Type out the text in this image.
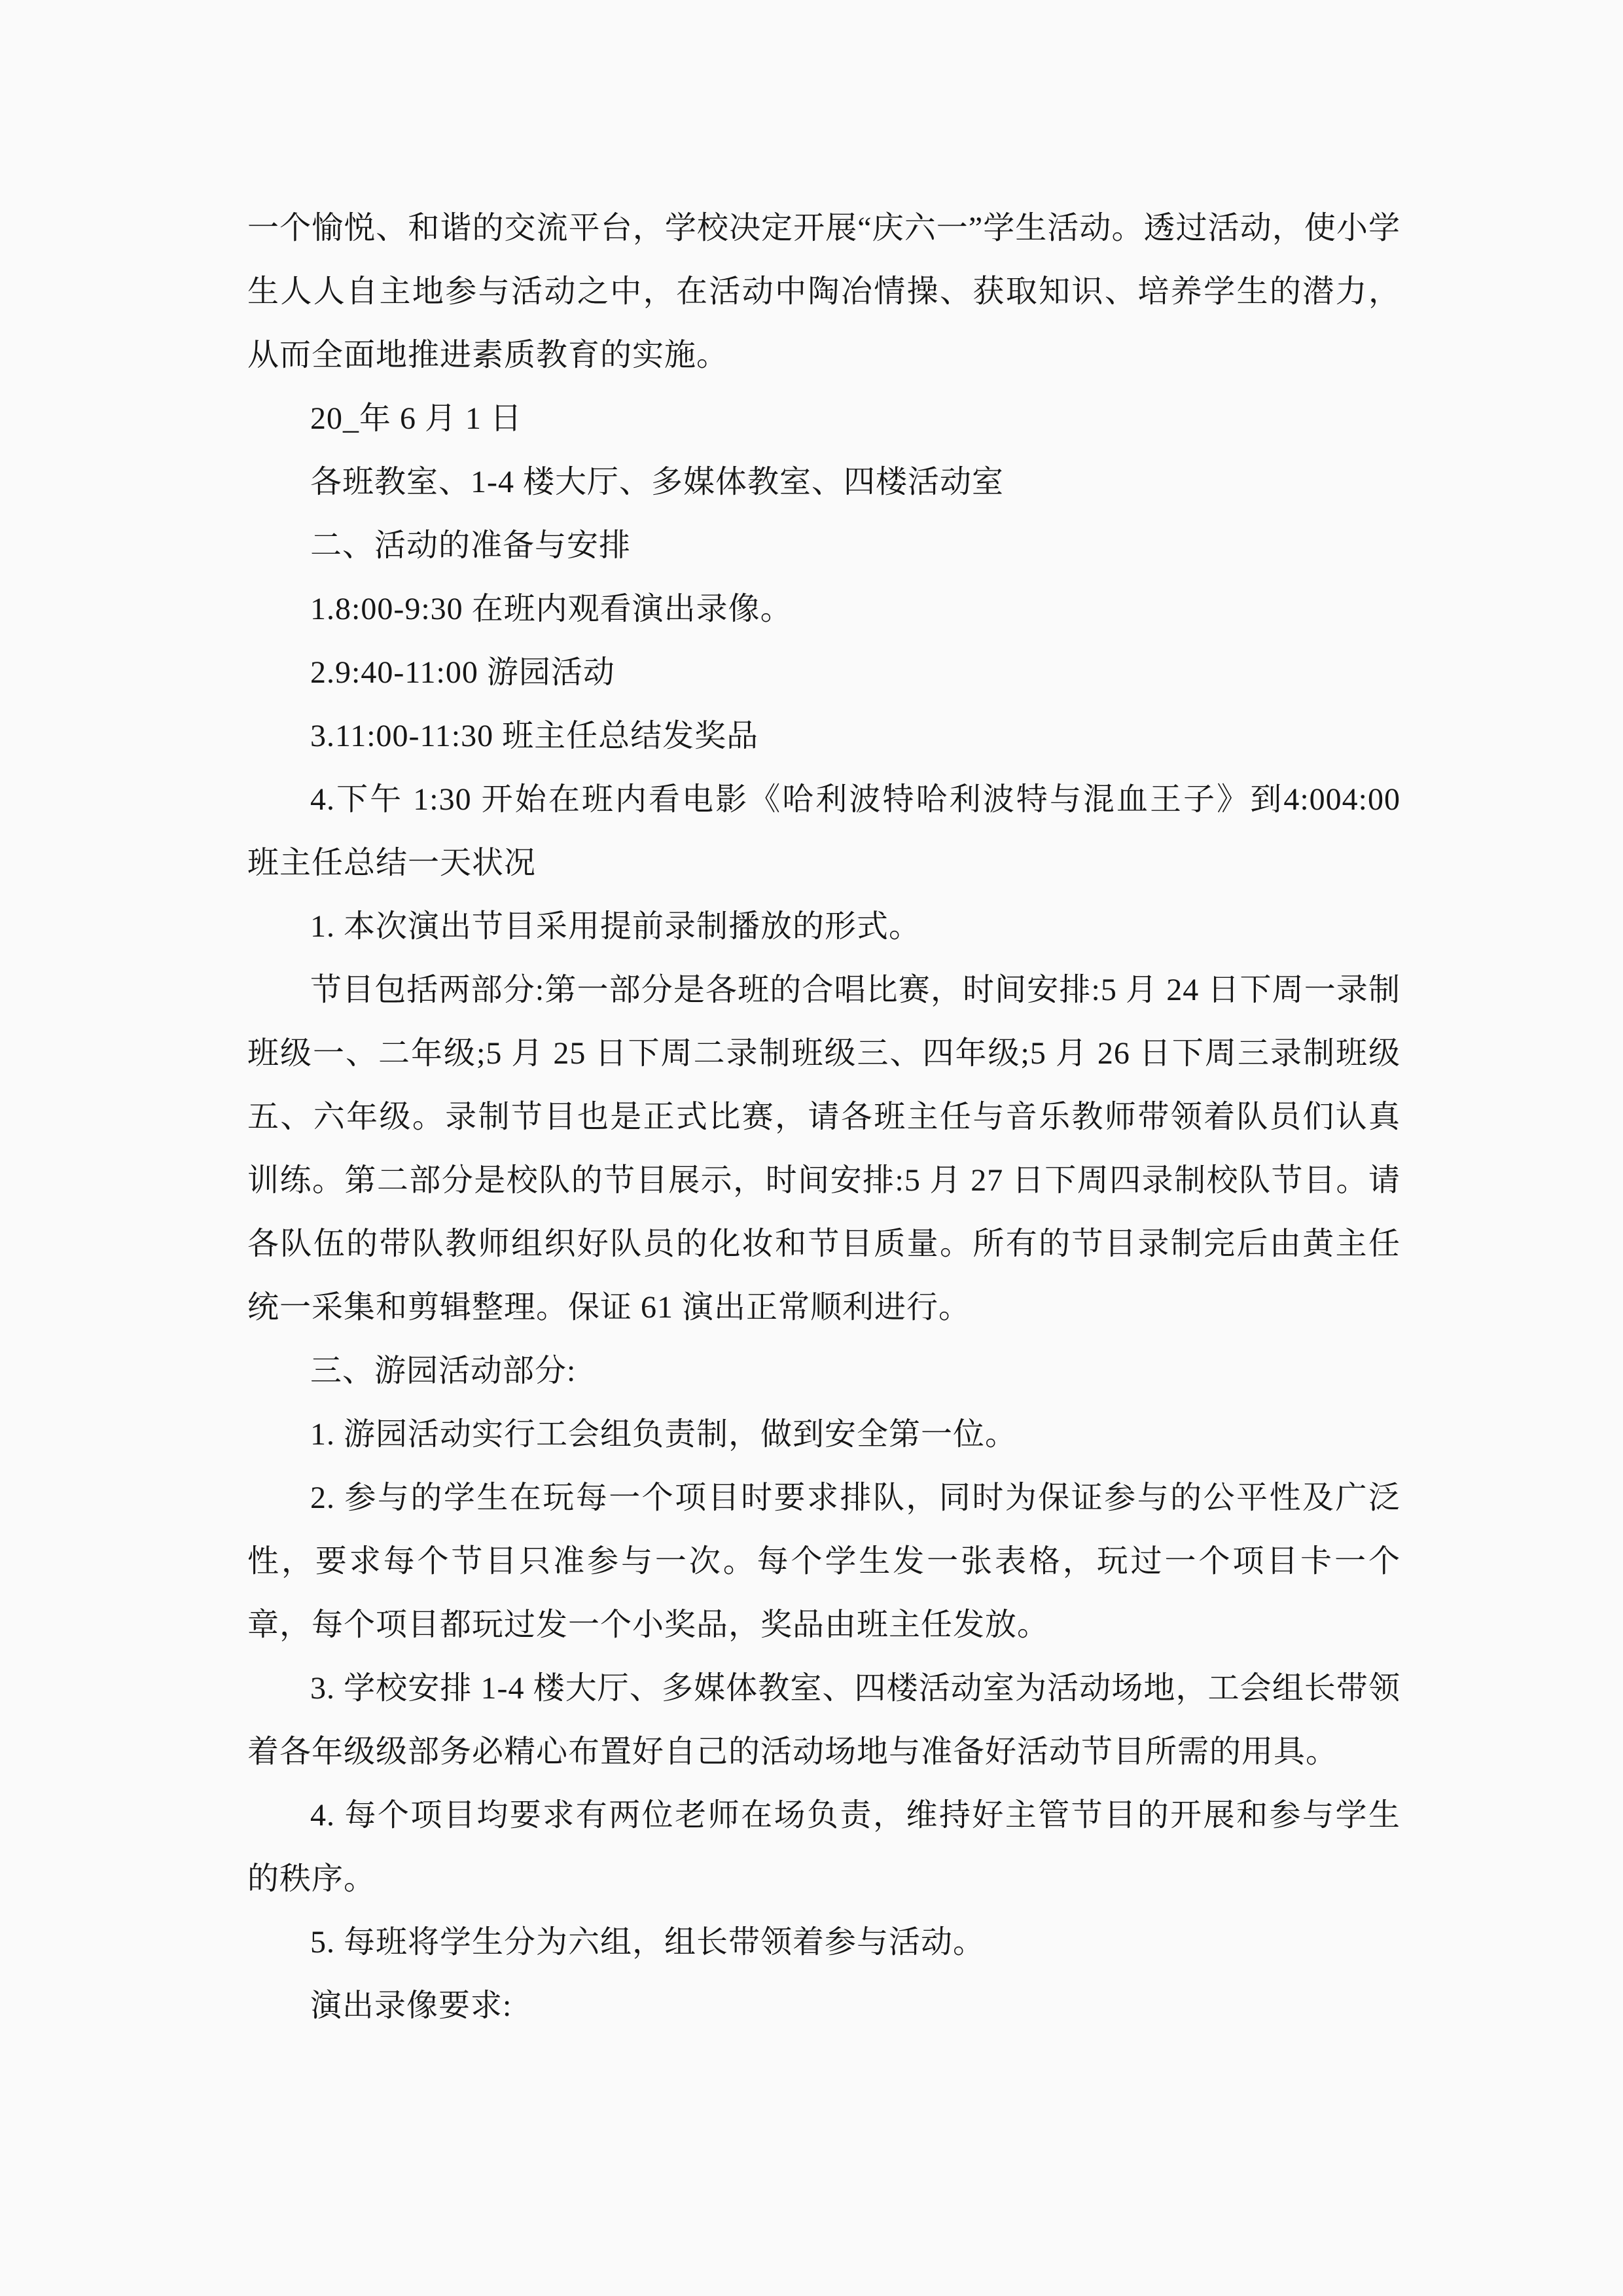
一个愉悦、和谐的交流平台，学校决定开展“庆六一”学生活动。透过活动，使小学生人人自主地参与活动之中，在活动中陶冶情操、获取知识、培养学生的潜力，从而全面地推进素质教育的实施。

20_年 6 月 1 日

各班教室、1-4 楼大厅、多媒体教室、四楼活动室

二、活动的准备与安排

1.8:00-9:30 在班内观看演出录像。

2.9:40-11:00 游园活动

3.11:00-11:30 班主任总结发奖品

4.下午 1:30 开始在班内看电影《哈利波特哈利波特与混血王子》到4:004:00 班主任总结一天状况

1. 本次演出节目采用提前录制播放的形式。

节目包括两部分:第一部分是各班的合唱比赛，时间安排:5 月 24 日下周一录制班级一、二年级;5 月 25 日下周二录制班级三、四年级;5 月 26 日下周三录制班级五、六年级。录制节目也是正式比赛，请各班主任与音乐教师带领着队员们认真训练。第二部分是校队的节目展示，时间安排:5 月 27 日下周四录制校队节目。请各队伍的带队教师组织好队员的化妆和节目质量。所有的节目录制完后由黄主任统一采集和剪辑整理。保证 61 演出正常顺利进行。

三、游园活动部分:

1. 游园活动实行工会组负责制，做到安全第一位。

2. 参与的学生在玩每一个项目时要求排队，同时为保证参与的公平性及广泛性，要求每个节目只准参与一次。每个学生发一张表格，玩过一个项目卡一个章，每个项目都玩过发一个小奖品，奖品由班主任发放。

3. 学校安排 1-4 楼大厅、多媒体教室、四楼活动室为活动场地，工会组长带领着各年级级部务必精心布置好自己的活动场地与准备好活动节目所需的用具。

4. 每个项目均要求有两位老师在场负责，维持好主管节目的开展和参与学生的秩序。

5. 每班将学生分为六组，组长带领着参与活动。

演出录像要求:
